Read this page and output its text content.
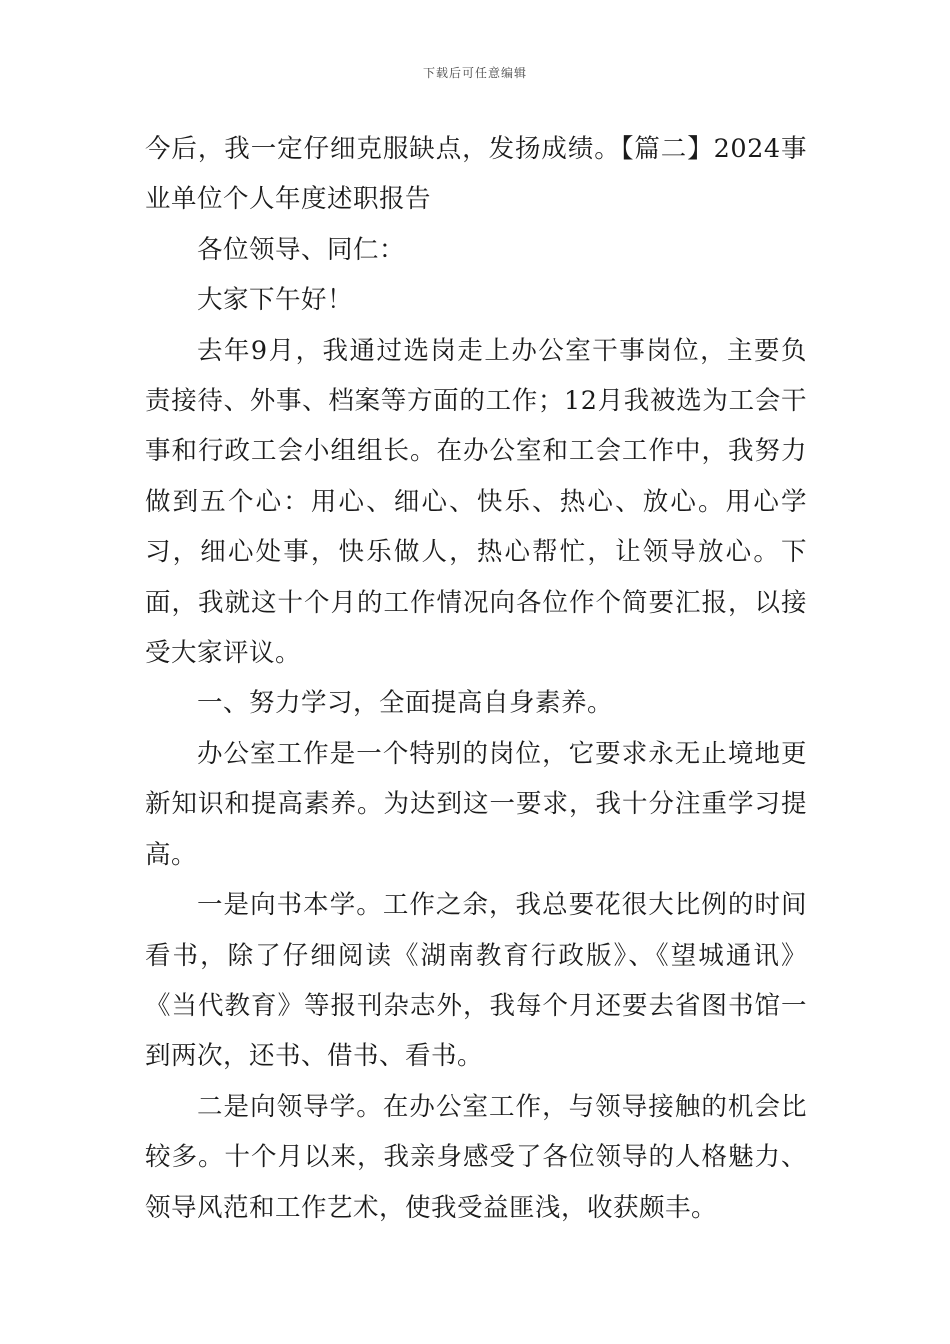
下载后可任意编辑

今后，我一定仔细克服缺点，发扬成绩。【篇二】2024事业单位个人年度述职报告

各位领导、同仁：

大家下午好！

去年9月，我通过选岗走上办公室干事岗位，主要负责接待、外事、档案等方面的工作；12月我被选为工会干事和行政工会小组组长。在办公室和工会工作中，我努力做到五个心：用心、细心、快乐、热心、放心。用心学习，细心处事，快乐做人，热心帮忙，让领导放心。下面，我就这十个月的工作情况向各位作个简要汇报，以接受大家评议。

一、努力学习，全面提高自身素养。

办公室工作是一个特别的岗位，它要求永无止境地更新知识和提高素养。为达到这一要求，我十分注重学习提高。

一是向书本学。工作之余，我总要花很大比例的时间看书，除了仔细阅读《湖南教育行政版》、《望城通讯》《当代教育》等报刊杂志外，我每个月还要去省图书馆一到两次，还书、借书、看书。

二是向领导学。在办公室工作，与领导接触的机会比较多。十个月以来，我亲身感受了各位领导的人格魅力、领导风范和工作艺术，使我受益匪浅，收获颇丰。
